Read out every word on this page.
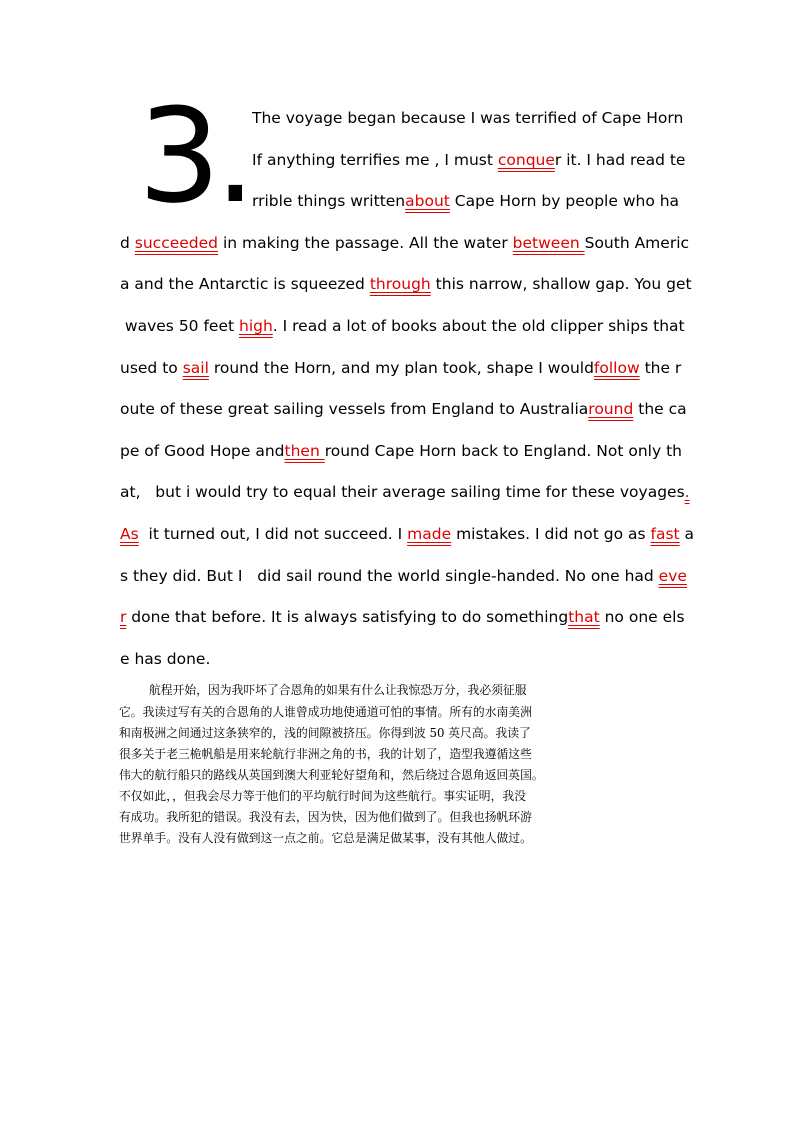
3. The voyage began because I was terrified of Cape Horn
If anything terrifies me , I must conquer it. I had read te
rrible things writtenabout Cape Horn by people who ha
d succeeded in making the passage. All the water between South Americ
a and the Antarctic is squeezed through this narrow, shallow gap. You get
waves 50 feet high. I read a lot of books about the old clipper ships that
used to sail round the Horn, and my plan took, shape I wouldfollow the r
oute of these great sailing vessels from England to Australiaround the ca
pe of Good Hope andthen round Cape Horn back to England. Not only th
at,   but i would try to equal their average sailing time for these voyages.
As  it turned out, I did not succeed. I made mistakes. I did not go as fast a
s they did. But I   did sail round the world single-handed. No one had eve
r done that before. It is always satisfying to do somethingthat no one els
e has done.
航程开始，因为我吓坏了合恩角的如果有什么让我惊恐万分，我必须征服
它。我读过写有关的合恩角的人谁曾成功地使通道可怕的事情。所有的水南美洲
和南极洲之间通过这条狭窄的，浅的间隙被挤压。你得到波 50 英尺高。我读了
很多关于老三桅帆船是用来轮航行非洲之角的书，我的计划了，造型我遵循这些
伟大的航行船只的路线从英国到澳大利亚轮好望角和，然后绕过合恩角返回英国。
不仅如此，，但我会尽力等于他们的平均航行时间为这些航行。事实证明，我没
有成功。我所犯的错误。我没有去，因为快，因为他们做到了。但我也扬帆环游
世界单手。没有人没有做到这一点之前。它总是满足做某事，没有其他人做过。
